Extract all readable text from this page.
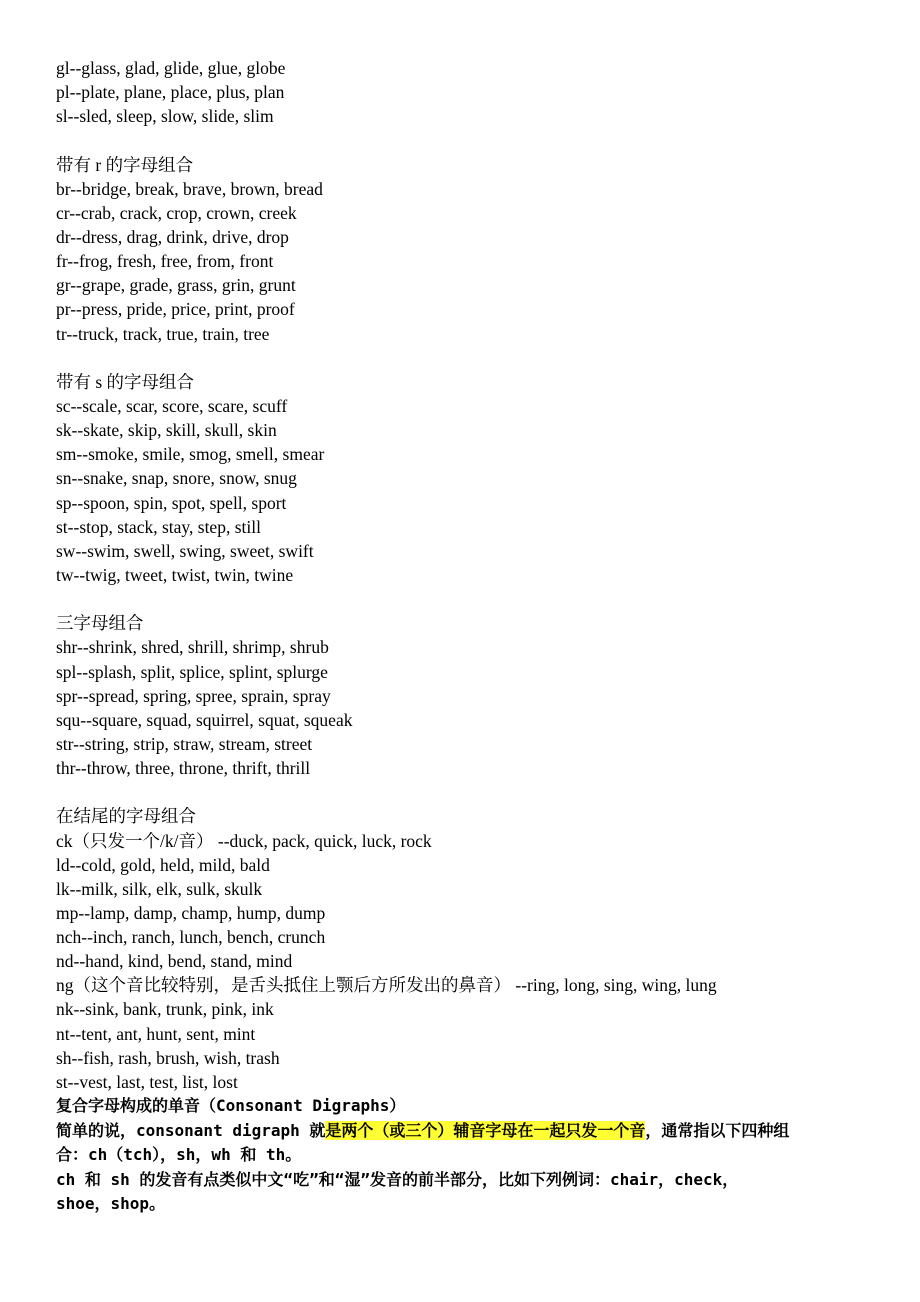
gl--glass, glad, glide, glue, globe
pl--plate, plane, place, plus, plan
sl--sled, sleep, slow, slide, slim
带有 r 的字母组合
br--bridge, break, brave, brown, bread
cr--crab, crack, crop, crown, creek
dr--dress, drag, drink, drive, drop
fr--frog, fresh, free, from, front
gr--grape, grade, grass, grin, grunt
pr--press, pride, price, print, proof
tr--truck, track, true, train, tree
带有 s 的字母组合
sc--scale, scar, score, scare, scuff
sk--skate, skip, skill, skull, skin
sm--smoke, smile, smog, smell, smear
sn--snake, snap, snore, snow, snug
sp--spoon, spin, spot, spell, sport
st--stop, stack, stay, step, still
sw--swim, swell, swing, sweet, swift
tw--twig, tweet, twist, twin, twine
三字母组合
shr--shrink, shred, shrill, shrimp, shrub
spl--splash, split, splice, splint, splurge
spr--spread, spring, spree, sprain, spray
squ--square, squad, squirrel, squat, squeak
str--string, strip, straw, stream, street
thr--throw, three, throne, thrift, thrill
在结尾的字母组合
ck（只发一个/k/音） --duck, pack, quick, luck, rock
ld--cold, gold, held, mild, bald
lk--milk, silk, elk, sulk, skulk
mp--lamp, damp, champ, hump, dump
nch--inch, ranch, lunch, bench, crunch
nd--hand, kind, bend, stand, mind
ng（这个音比较特别，是舌头抵住上颚后方所发出的鼻音） --ring, long, sing, wing, lung
nk--sink, bank, trunk, pink, ink
nt--tent, ant, hunt, sent, mint
sh--fish, rash, brush, wish, trash
st--vest, last, test, list, lost
复合字母构成的单音（Consonant Digraphs）
简单的说，consonant digraph 就是两个（或三个）辅音字母在一起只发一个音，通常指以下四种组
合：ch（tch），sh，wh 和 th。
ch 和 sh 的发音有点类似中文“吃”和“湿”发音的前半部分，比如下列例词：chair，check，
shoe，shop。
